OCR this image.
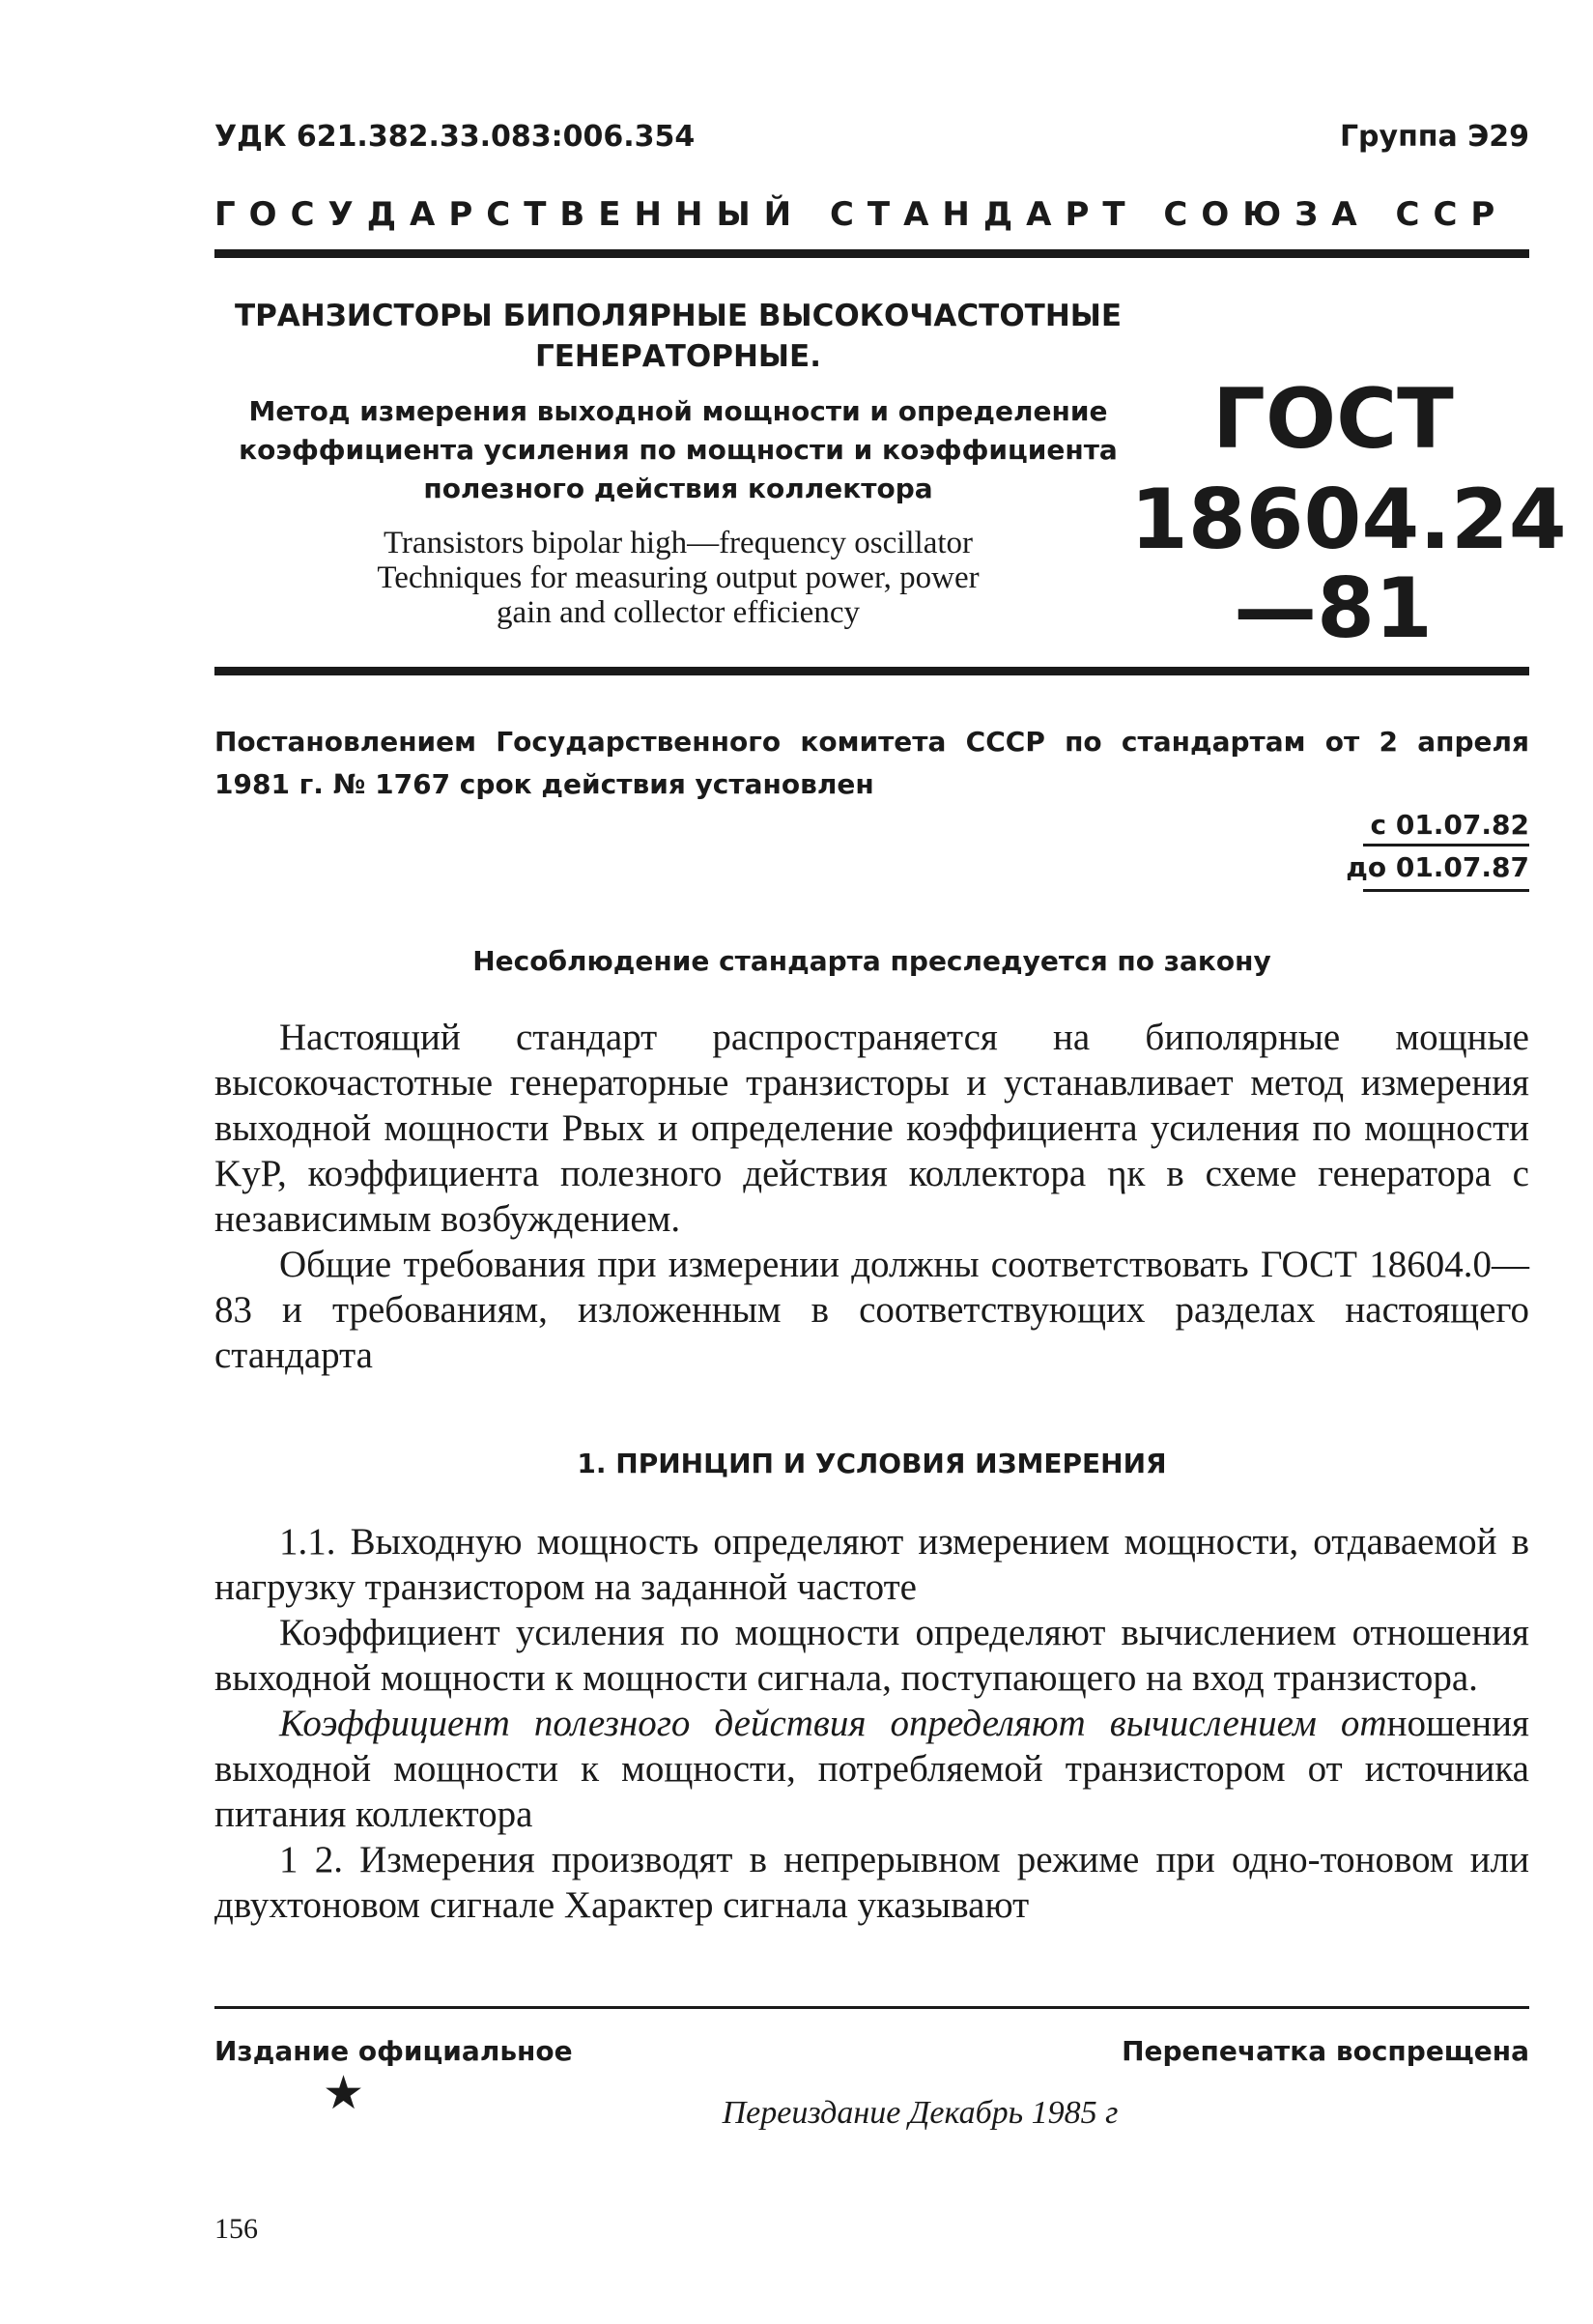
УДК 621.382.33.083:006.354	Группа Э29
ГОСУДАРСТВЕННЫЙ СТАНДАРТ СОЮЗА ССР
ТРАНЗИСТОРЫ БИПОЛЯРНЫЕ ВЫСОКОЧАСТОТНЫЕ
ГЕНЕРАТОРНЫЕ.
Метод измерения выходной мощности и определение
коэффициента усиления по мощности и коэффициента
полезного действия коллектора
Transistors bipolar high—frequency oscillator
Techniques for measuring output power, power
gain and collector efficiency
ГОСТ
18604.24—81
Постановлением Государственного комитета СССР по стандартам от 2 апреля 1981 г. № 1767 срок действия установлен
с 01.07.82
до 01.07.87
Несоблюдение стандарта преследуется по закону

Настоящий стандарт распространяется на биполярные мощные высокочастотные генераторные транзисторы и устанавливает метод измерения выходной мощности Pвых и определение коэффициента усиления по мощности KуP, коэффициента полезного действия коллектора ηк в схеме генератора с независимым возбуждением.

Общие требования при измерении должны соответствовать ГОСТ 18604.0—83 и требованиям, изложенным в соответствующих разделах настоящего стандарта

1. ПРИНЦИП И УСЛОВИЯ ИЗМЕРЕНИЯ

1.1. Выходную мощность определяют измерением мощности, отдаваемой в нагрузку транзистором на заданной частоте

Коэффициент усиления по мощности определяют вычислением отношения выходной мощности к мощности сигнала, поступающего на вход транзистора.

Коэффициент полезного действия определяют вычислением отношения выходной мощности к мощности, потребляемой транзистором от источника питания коллектора

1 2. Измерения производят в непрерывном режиме при одно-тоновом или двухтоновом сигнале Характер сигнала указывают

Издание официальное	Перепечатка воспрещена
★	Переиздание Декабрь 1985 г
156
